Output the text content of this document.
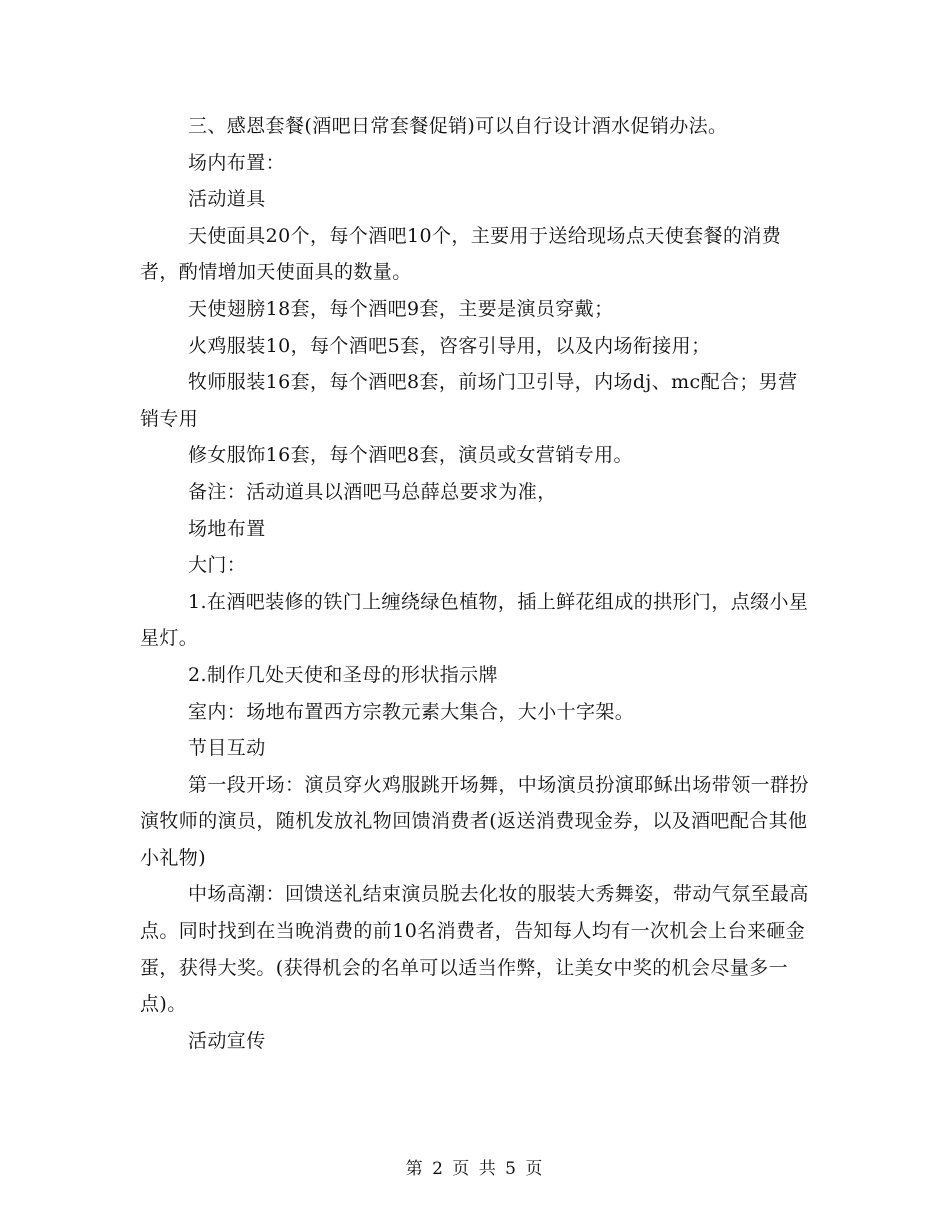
三、感恩套餐(酒吧日常套餐促销)可以自行设计酒水促销办法。

场内布置：

活动道具

天使面具20个，每个酒吧10个，主要用于送给现场点天使套餐的消费者，酌情增加天使面具的数量。

天使翅膀18套，每个酒吧9套，主要是演员穿戴；

火鸡服装10，每个酒吧5套，咨客引导用，以及内场衔接用；

牧师服装16套，每个酒吧8套，前场门卫引导，内场dj、mc配合；男营销专用

修女服饰16套，每个酒吧8套，演员或女营销专用。

备注：活动道具以酒吧马总薛总要求为准，

场地布置

大门：

1.在酒吧装修的铁门上缠绕绿色植物，插上鲜花组成的拱形门，点缀小星星灯。

2.制作几处天使和圣母的形状指示牌

室内：场地布置西方宗教元素大集合，大小十字架。

节目互动

第一段开场：演员穿火鸡服跳开场舞，中场演员扮演耶稣出场带领一群扮演牧师的演员，随机发放礼物回馈消费者(返送消费现金券，以及酒吧配合其他小礼物)

中场高潮：回馈送礼结束演员脱去化妆的服装大秀舞姿，带动气氛至最高点。同时找到在当晚消费的前10名消费者，告知每人均有一次机会上台来砸金蛋，获得大奖。(获得机会的名单可以适当作弊，让美女中奖的机会尽量多一点)。

活动宣传

第 2 页 共 5 页
